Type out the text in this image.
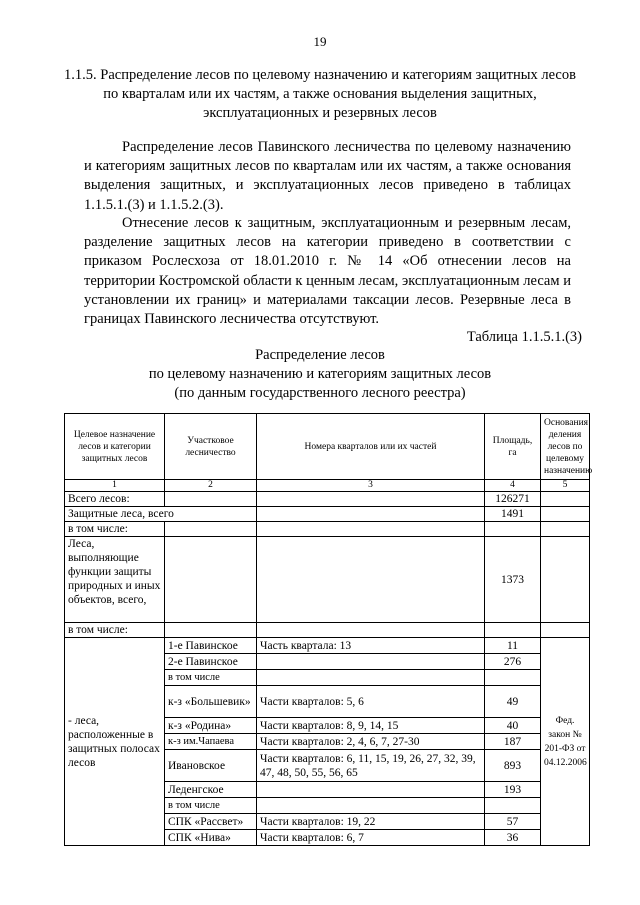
19
1.1.5. Распределение лесов по целевому назначению и категориям защитных лесов по кварталам или их частям, а также основания выделения защитных, эксплуатационных и резервных лесов

Распределение лесов Павинского лесничества по целевому назначению и категориям защитных лесов по кварталам или их частям, а также основания выделения защитных, и эксплуатационных лесов приведено в таблицах 1.1.5.1.(3) и 1.1.5.2.(3).

Отнесение лесов к защитным, эксплуатационным и резервным лесам, разделение защитных лесов на категории приведено в соответствии с приказом Рослесхоза от 18.01.2010 г. № 14 «Об отнесении лесов на территории Костромской области к ценным лесам, эксплуатационным лесам и установлении их границ» и материалами таксации лесов. Резервные леса в границах Павинского лесничества отсутствуют.

Таблица 1.1.5.1.(3)
Распределение лесов
по целевому назначению и категориям защитных лесов
(по данным государственного лесного реестра)
Целевое назначение лесов и категории защитных лесов	Участковое лесничество	Номера кварталов или их частей	Площадь, га	Основания деления лесов по целевому назначению
1	2	3	4	5
Всего лесов:			126271	
Защитные леса, всего			1491	
в том числе:				
Леса, выполняющие функции защиты природных и иных объектов, всего,			1373	
в том числе:				
- леса, расположенные в защитных полосах лесов	1-е Павинское	Часть квартала: 13	11	Фед. закон № 201-ФЗ от 04.12.2006
	2-е Павинское		276	
	в том числе			
	к-з «Большевик»	Части кварталов: 5, 6	49	
	к-з «Родина»	Части кварталов: 8, 9, 14, 15	40	
	к-з им.Чапаева	Части кварталов: 2, 4, 6, 7, 27-30	187	
	Ивановское	Части кварталов: 6, 11, 15, 19, 26, 27, 32, 39, 47, 48, 50, 55, 56, 65	893	
	Леденгское		193	
	в том числе			
	СПК «Рассвет»	Части кварталов: 19, 22	57	
	СПК «Нива»	Части кварталов: 6, 7	36	
